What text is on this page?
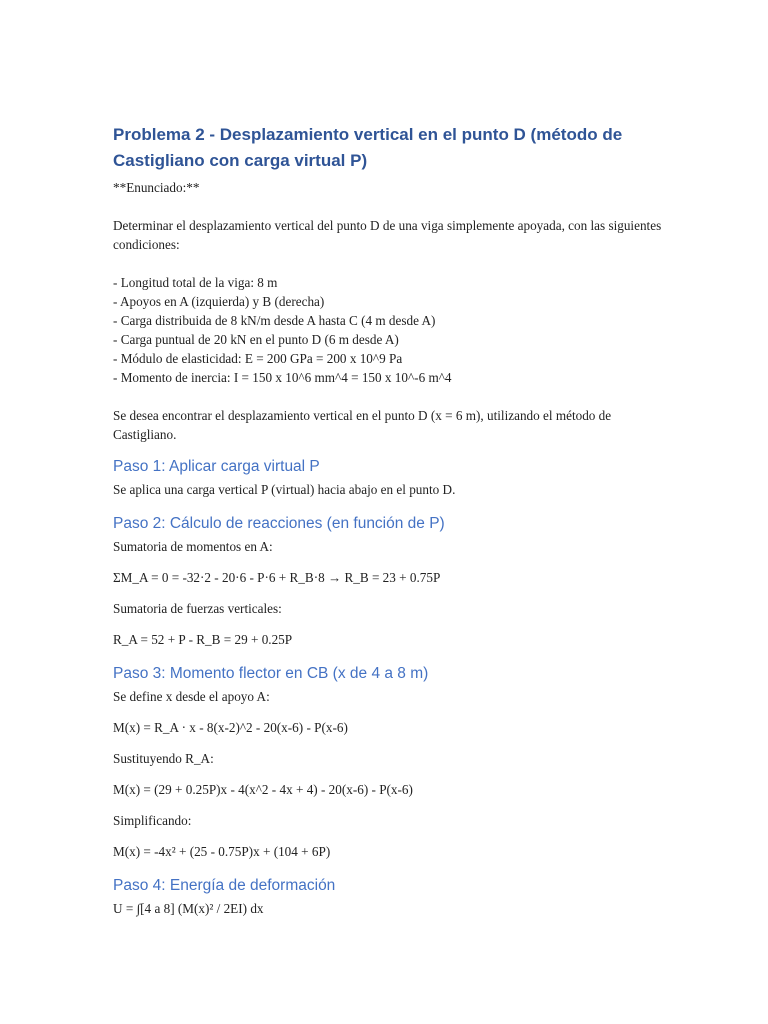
Problema 2 - Desplazamiento vertical en el punto D (método de Castigliano con carga virtual P)

**Enunciado:**

Determinar el desplazamiento vertical del punto D de una viga simplemente apoyada, con las siguientes condiciones:

- Longitud total de la viga: 8 m

- Apoyos en A (izquierda) y B (derecha)

- Carga distribuida de 8 kN/m desde A hasta C (4 m desde A)

- Carga puntual de 20 kN en el punto D (6 m desde A)

- Módulo de elasticidad: E = 200 GPa = 200 x 10^9 Pa

- Momento de inercia: I = 150 x 10^6 mm^4 = 150 x 10^-6 m^4

Se desea encontrar el desplazamiento vertical en el punto D (x = 6 m), utilizando el método de Castigliano.

Paso 1: Aplicar carga virtual P

Se aplica una carga vertical P (virtual) hacia abajo en el punto D.

Paso 2: Cálculo de reacciones (en función de P)

Sumatoria de momentos en A:

ΣM_A = 0 = -32·2 - 20·6 - P·6 + R_B·8 → R_B = 23 + 0.75P

Sumatoria de fuerzas verticales:

R_A = 52 + P - R_B = 29 + 0.25P

Paso 3: Momento flector en CB (x de 4 a 8 m)

Se define x desde el apoyo A:

M(x) = R_A · x - 8(x-2)^2 - 20(x-6) - P(x-6)

Sustituyendo R_A:

M(x) = (29 + 0.25P)x - 4(x^2 - 4x + 4) - 20(x-6) - P(x-6)

Simplificando:

M(x) = -4x² + (25 - 0.75P)x + (104 + 6P)

Paso 4: Energía de deformación

U = ∫[4 a 8] (M(x)² / 2EI) dx
